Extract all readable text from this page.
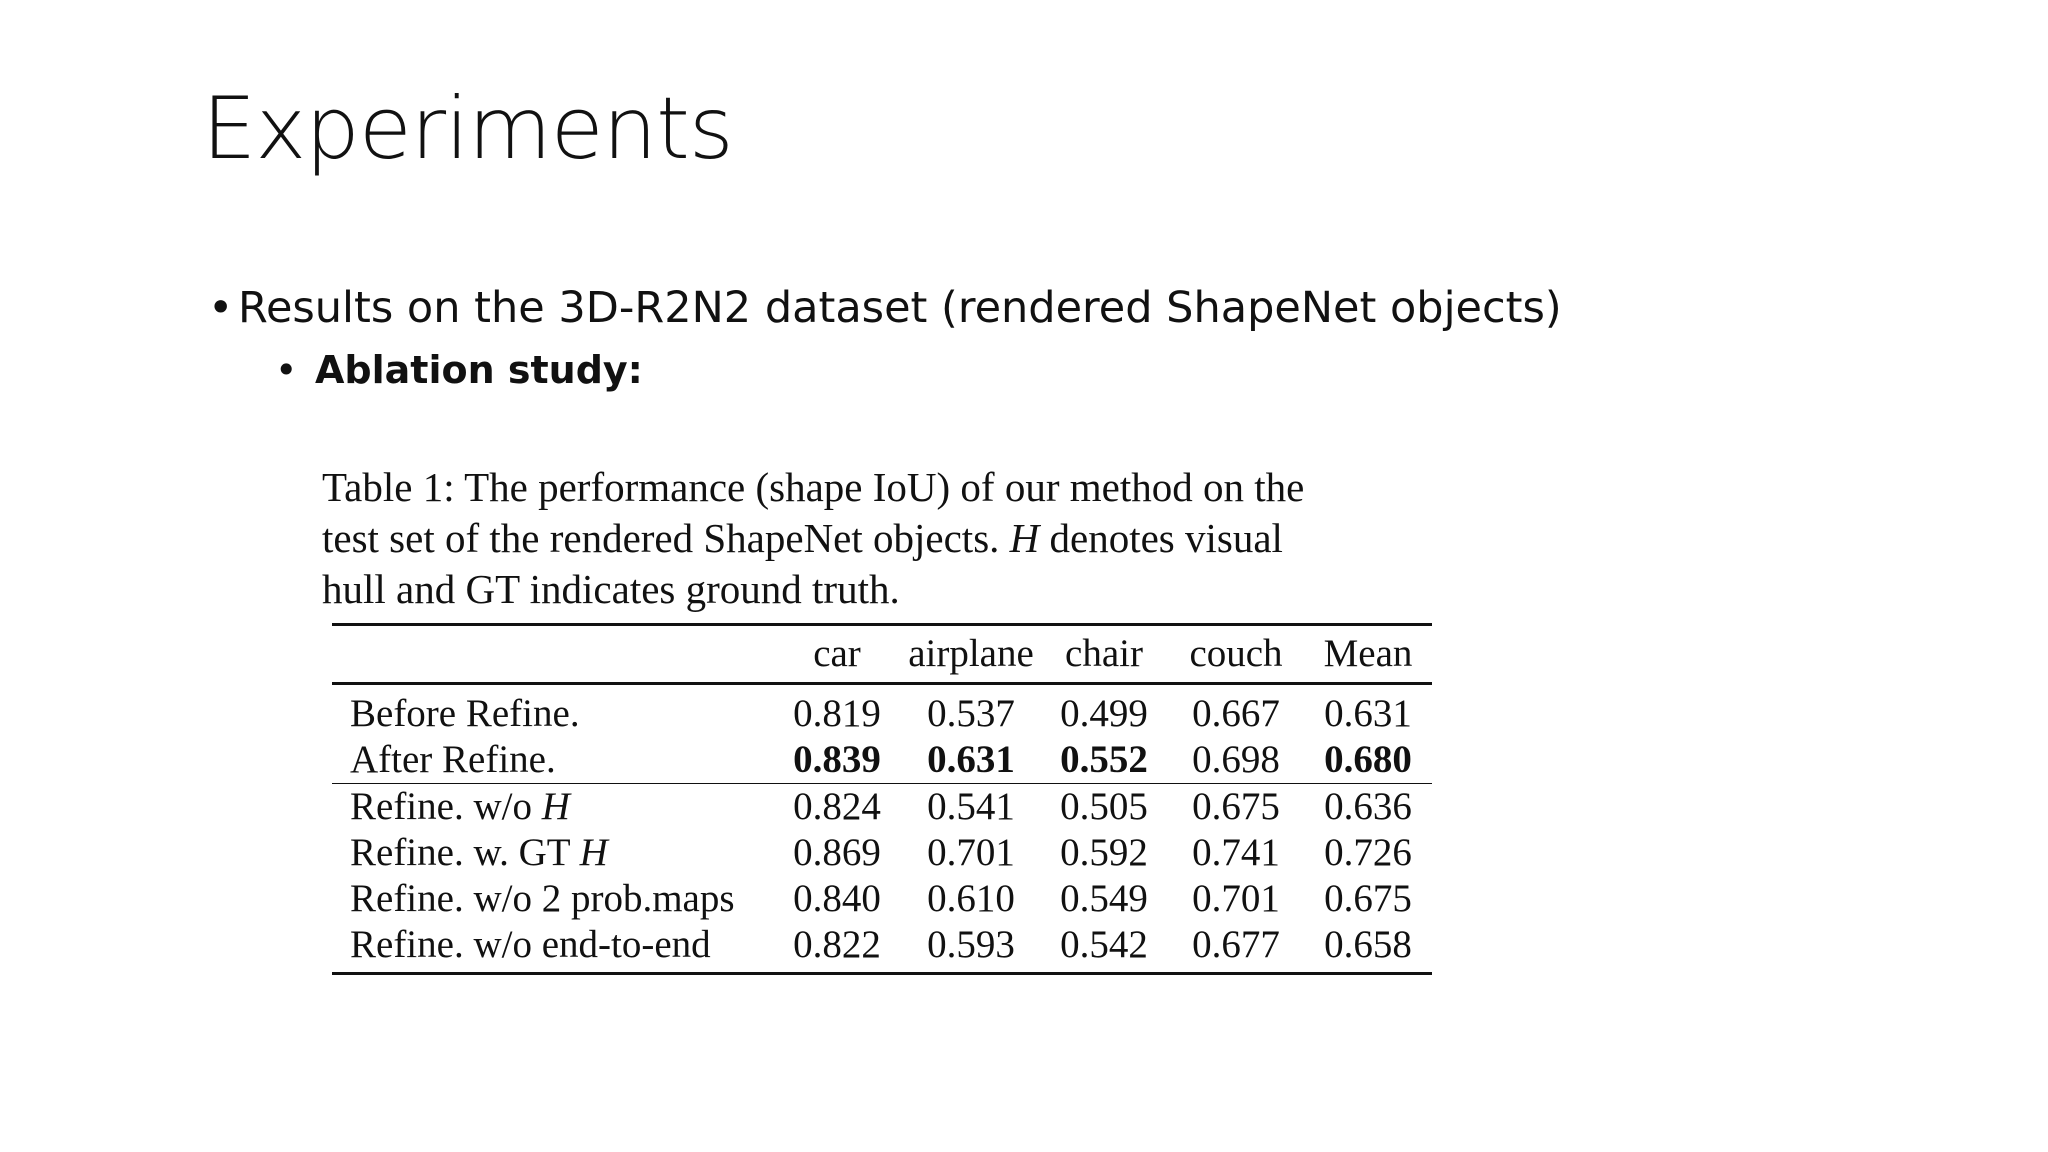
Experiments
• Results on the 3D-R2N2 dataset (rendered ShapeNet objects)
• Ablation study:
Table 1: The performance (shape IoU) of our method on the
test set of the rendered ShapeNet objects. H denotes visual
hull and GT indicates ground truth.
	car	airplane	chair	couch	Mean
Before Refine.	0.819	0.537	0.499	0.667	0.631
After Refine.	0.839	0.631	0.552	0.698	0.680
Refine. w/o H	0.824	0.541	0.505	0.675	0.636
Refine. w. GT H	0.869	0.701	0.592	0.741	0.726
Refine. w/o 2 prob.maps	0.840	0.610	0.549	0.701	0.675
Refine. w/o end-to-end	0.822	0.593	0.542	0.677	0.658
